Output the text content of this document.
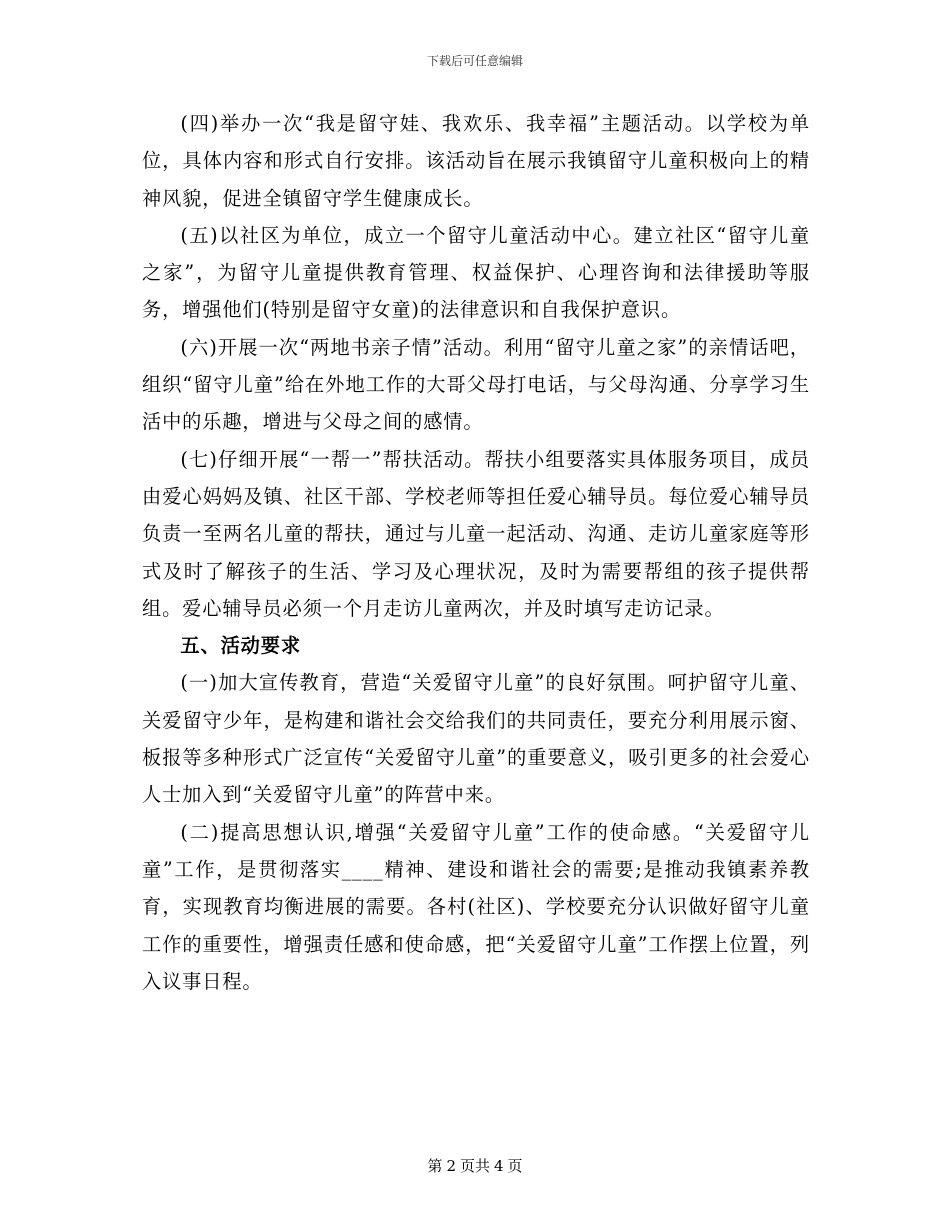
下载后可任意编辑

(四)举办一次“我是留守娃、我欢乐、我幸福”主题活动。以学校为单位，具体内容和形式自行安排。该活动旨在展示我镇留守儿童积极向上的精神风貌，促进全镇留守学生健康成长。

(五)以社区为单位，成立一个留守儿童活动中心。建立社区“留守儿童之家”，为留守儿童提供教育管理、权益保护、心理咨询和法律援助等服务，增强他们(特别是留守女童)的法律意识和自我保护意识。

(六)开展一次“两地书亲子情”活动。利用“留守儿童之家”的亲情话吧，组织“留守儿童”给在外地工作的大哥父母打电话，与父母沟通、分享学习生活中的乐趣，增进与父母之间的感情。

(七)仔细开展“一帮一”帮扶活动。帮扶小组要落实具体服务项目，成员由爱心妈妈及镇、社区干部、学校老师等担任爱心辅导员。每位爱心辅导员负责一至两名儿童的帮扶，通过与儿童一起活动、沟通、走访儿童家庭等形式及时了解孩子的生活、学习及心理状况，及时为需要帮组的孩子提供帮组。爱心辅导员必须一个月走访儿童两次，并及时填写走访记录。

五、活动要求

(一)加大宣传教育，营造“关爱留守儿童”的良好氛围。呵护留守儿童、关爱留守少年，是构建和谐社会交给我们的共同责任，要充分利用展示窗、板报等多种形式广泛宣传“关爱留守儿童”的重要意义，吸引更多的社会爱心人士加入到“关爱留守儿童”的阵营中来。

(二)提高思想认识,增强“关爱留守儿童”工作的使命感。“关爱留守儿童”工作，是贯彻落实____精神、建设和谐社会的需要;是推动我镇素养教育，实现教育均衡进展的需要。各村(社区)、学校要充分认识做好留守儿童工作的重要性，增强责任感和使命感，把“关爱留守儿童”工作摆上位置，列入议事日程。

第 2 页共 4 页
